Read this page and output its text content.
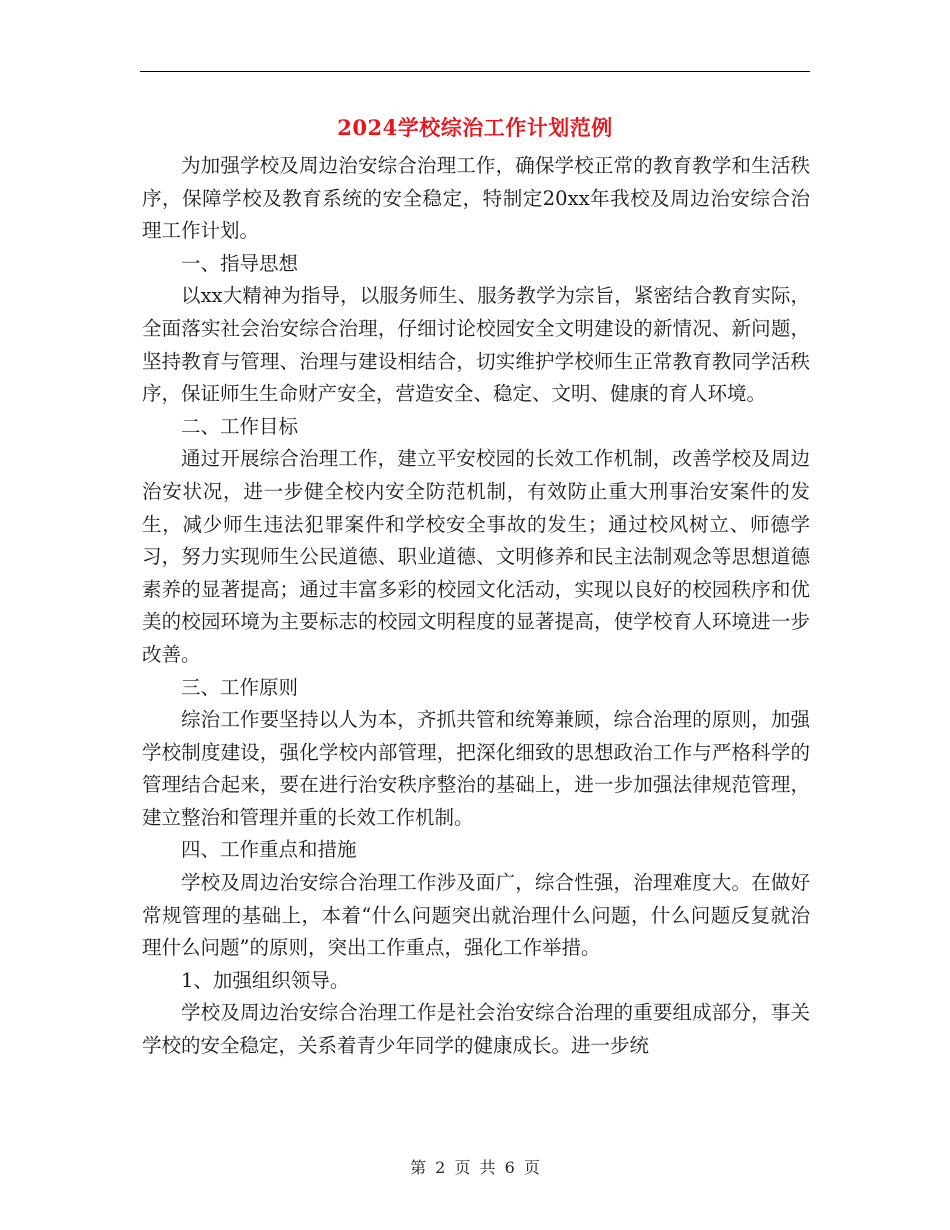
2024学校综治工作计划范例

为加强学校及周边治安综合治理工作，确保学校正常的教育教学和生活秩序，保障学校及教育系统的安全稳定，特制定20xx年我校及周边治安综合治理工作计划。

一、指导思想

以xx大精神为指导，以服务师生、服务教学为宗旨，紧密结合教育实际，全面落实社会治安综合治理，仔细讨论校园安全文明建设的新情况、新问题，坚持教育与管理、治理与建设相结合，切实维护学校师生正常教育教同学活秩序，保证师生生命财产安全，营造安全、稳定、文明、健康的育人环境。

二、工作目标

通过开展综合治理工作，建立平安校园的长效工作机制，改善学校及周边治安状况，进一步健全校内安全防范机制，有效防止重大刑事治安案件的发生，减少师生违法犯罪案件和学校安全事故的发生；通过校风树立、师德学习，努力实现师生公民道德、职业道德、文明修养和民主法制观念等思想道德素养的显著提高；通过丰富多彩的校园文化活动，实现以良好的校园秩序和优美的校园环境为主要标志的校园文明程度的显著提高，使学校育人环境进一步改善。

三、工作原则

综治工作要坚持以人为本，齐抓共管和统筹兼顾，综合治理的原则，加强学校制度建设，强化学校内部管理，把深化细致的思想政治工作与严格科学的管理结合起来，要在进行治安秩序整治的基础上，进一步加强法律规范管理，建立整治和管理并重的长效工作机制。

四、工作重点和措施

学校及周边治安综合治理工作涉及面广，综合性强，治理难度大。在做好常规管理的基础上，本着“什么问题突出就治理什么问题，什么问题反复就治理什么问题”的原则，突出工作重点，强化工作举措。

1、加强组织领导。

学校及周边治安综合治理工作是社会治安综合治理的重要组成部分，事关学校的安全稳定，关系着青少年同学的健康成长。进一步统

第 2 页 共 6 页
